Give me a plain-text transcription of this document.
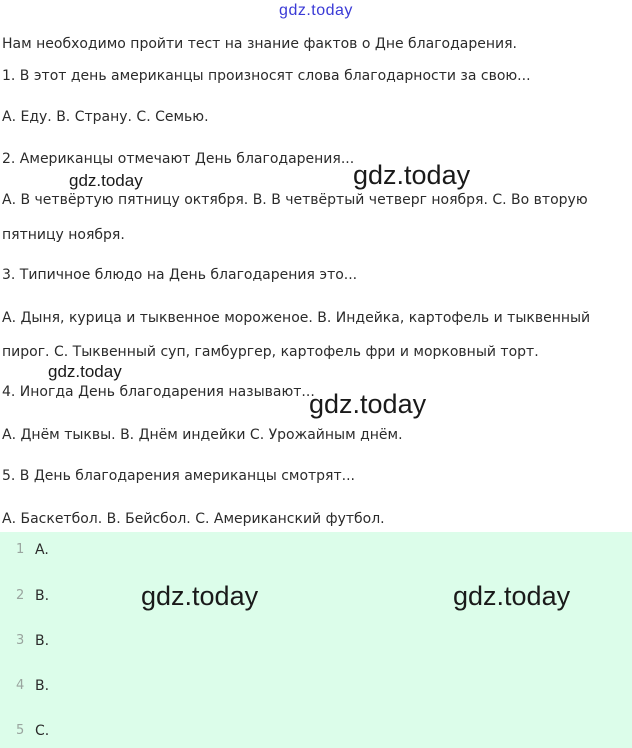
gdz.today
Нам необходимо пройти тест на знание фактов о Дне благодарения.
1. В этот день американцы произносят слова благодарности за свою...
А. Еду. В. Страну. С. Семью.
2. Американцы отмечают День благодарения...
А. В четвёртую пятницу октября. В. В четвёртый четверг ноября. С. Во вторую
пятницу ноября.
3. Типичное блюдо на День благодарения это...
А. Дыня, курица и тыквенное мороженое. В. Индейка, картофель и тыквенный
пирог. С. Тыквенный суп, гамбургер, картофель фри и морковный торт.
4. Иногда День благодарения называют...
А. Днём тыквы. В. Днём индейки С. Урожайным днём.
5. В День благодарения американцы смотрят...
А. Баскетбол. В. Бейсбол. С. Американский футбол.
1 A.
2 B.
3 B.
4 B.
5 C.
gdz.today	gdz.today
gdz.today
gdz.today
gdz.today	gdz.today
